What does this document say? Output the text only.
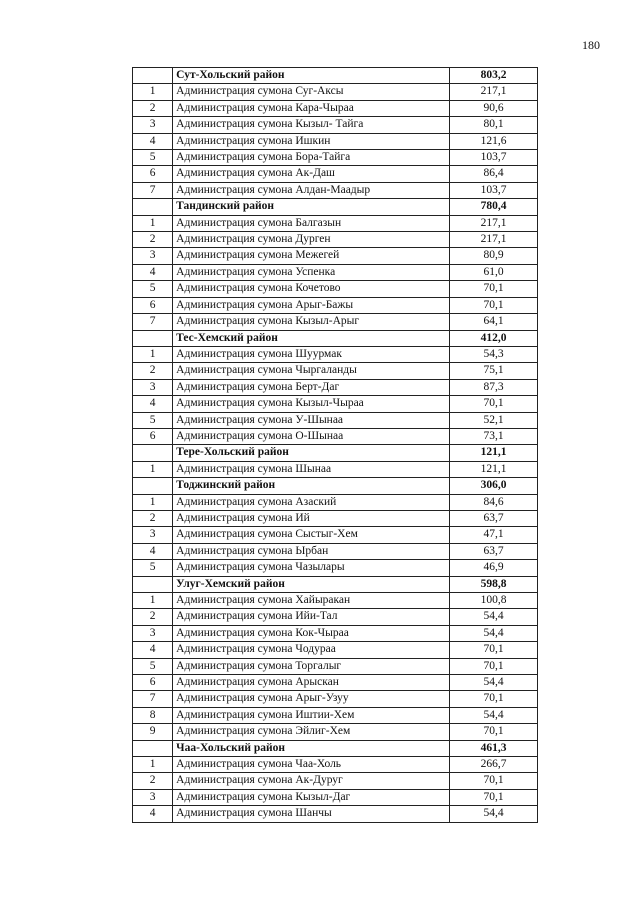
180
	Сут-Хольский район	803,2
1	Администрация сумона Суг-Аксы	217,1
2	Администрация сумона Кара-Чыраа	90,6
3	Администрация сумона Кызыл- Тайга	80,1
4	Администрация сумона Ишкин	121,6
5	Администрация сумона Бора-Тайга	103,7
6	Администрация сумона Ак-Даш	86,4
7	Администрация сумона Алдан-Маадыр	103,7
	Тандинский район	780,4
1	Администрация сумона Балгазын	217,1
2	Администрация сумона Дурген	217,1
3	Администрация сумона Межегей	80,9
4	Администрация сумона Успенка	61,0
5	Администрация сумона Кочетово	70,1
6	Администрация сумона Арыг-Бажы	70,1
7	Администрация сумона Кызыл-Арыг	64,1
	Тес-Хемский район	412,0
1	Администрация сумона Шуурмак	54,3
2	Администрация сумона Чыргаланды	75,1
3	Администрация сумона Берт-Даг	87,3
4	Администрация сумона Кызыл-Чыраа	70,1
5	Администрация сумона У-Шынаа	52,1
6	Администрация сумона О-Шынаа	73,1
	Тере-Хольский район	121,1
1	Администрация сумона Шынаа	121,1
	Тоджинский район	306,0
1	Администрация сумона Азаский	84,6
2	Администрация сумона Ий	63,7
3	Администрация сумона Сыстыг-Хем	47,1
4	Администрация сумона Ырбан	63,7
5	Администрация сумона Чазылары	46,9
	Улуг-Хемский район	598,8
1	Администрация сумона Хайыракан	100,8
2	Администрация сумона Ийи-Тал	54,4
3	Администрация сумона Кок-Чыраа	54,4
4	Администрация сумона Чодураа	70,1
5	Администрация сумона Торгалыг	70,1
6	Администрация сумона Арыскан	54,4
7	Администрация сумона Арыг-Узуу	70,1
8	Администрация сумона Иштии-Хем	54,4
9	Администрация сумона Эйлиг-Хем	70,1
	Чаа-Хольский район	461,3
1	Администрация сумона Чаа-Холь	266,7
2	Администрация сумона Ак-Дуруг	70,1
3	Администрация сумона Кызыл-Даг	70,1
4	Администрация сумона Шанчы	54,4
